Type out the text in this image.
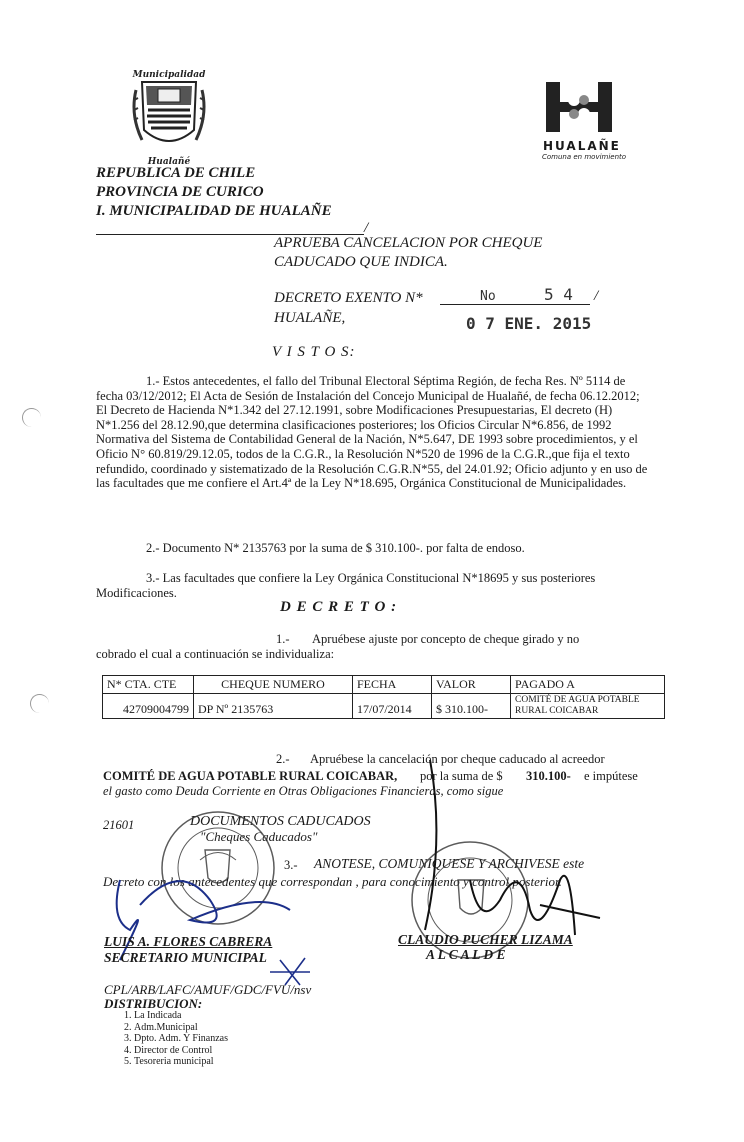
Municipalidad
Hualañé
HUALAÑE
Comuna en movimiento
REPUBLICA DE CHILE
PROVINCIA DE CURICO
I. MUNICIPALIDAD DE HUALAÑE
/
APRUEBA CANCELACION POR CHEQUE
CADUCADO QUE INDICA.
DECRETO EXENTO N*	No	5 4 /
HUALAÑE,	0 7 ENE. 2015
V I S T O S:
1.- Estos antecedentes, el fallo del Tribunal Electoral Séptima Región, de fecha Res. Nº 5114 de fecha 03/12/2012; El Acta de Sesión de Instalación del Concejo Municipal de Hualañé, de fecha 06.12.2012; El Decreto de Hacienda N*1.342 del 27.12.1991, sobre Modificaciones Presupuestarias, El decreto (H) N*1.256 del 28.12.90,que determina clasificaciones posteriores; los Oficios Circular N*6.856, de 1992 Normativa del Sistema de Contabilidad General de la Nación, N*5.647, DE 1993 sobre procedimientos, y el Oficio N° 60.819/29.12.05, todos de la C.G.R., la Resolución N*520 de 1996 de la C.G.R.,que fija el texto refundido, coordinado y sistematizado de la Resolución C.G.R.N*55, del 24.01.92; Oficio adjunto y en uso de las facultades que me confiere el Art.4ª de la Ley N*18.695, Orgánica Constitucional de Municipalidades.
2.- Documento N* 2135763 por la suma de $ 310.100-. por falta de endoso.
3.- Las facultades que confiere la Ley Orgánica Constitucional N*18695 y sus posteriores Modificaciones.
D E C R E T O :
1.- Apruébese ajuste por concepto de cheque girado y no
cobrado el cual a continuación se individualiza:
N* CTA. CTE	CHEQUE NUMERO	FECHA	VALOR	PAGADO A
42709004799	DP Nº 2135763	17/07/2014	$ 310.100-	COMITÉ DE AGUA POTABLE RURAL COICABAR
2.- Apruébese la cancelación por cheque caducado al acreedor
COMITÉ DE AGUA POTABLE RURAL COICABAR, por la suma de $ 310.100- e impútese
el gasto como Deuda Corriente en Otras Obligaciones Financieras, como sigue
21601	DOCUMENTOS CADUCADOS
"Cheques Caducados"
3.- ANOTESE, COMUNIQUESE Y ARCHIVESE este
Decreto con los antecedentes que correspondan , para conocimiento y control posterior.
LUIS A. FLORES CABRERA
SECRETARIO MUNICIPAL
CLAUDIO PUCHER LIZAMA
A L C A L D E
CPL/ARB/LAFC/AMUF/GDC/FVU/nsv
DISTRIBUCION:
1. La Indicada
2. Adm.Municipal
3. Dpto. Adm. Y Finanzas
4. Director de Control
5. Tesoreria municipal
